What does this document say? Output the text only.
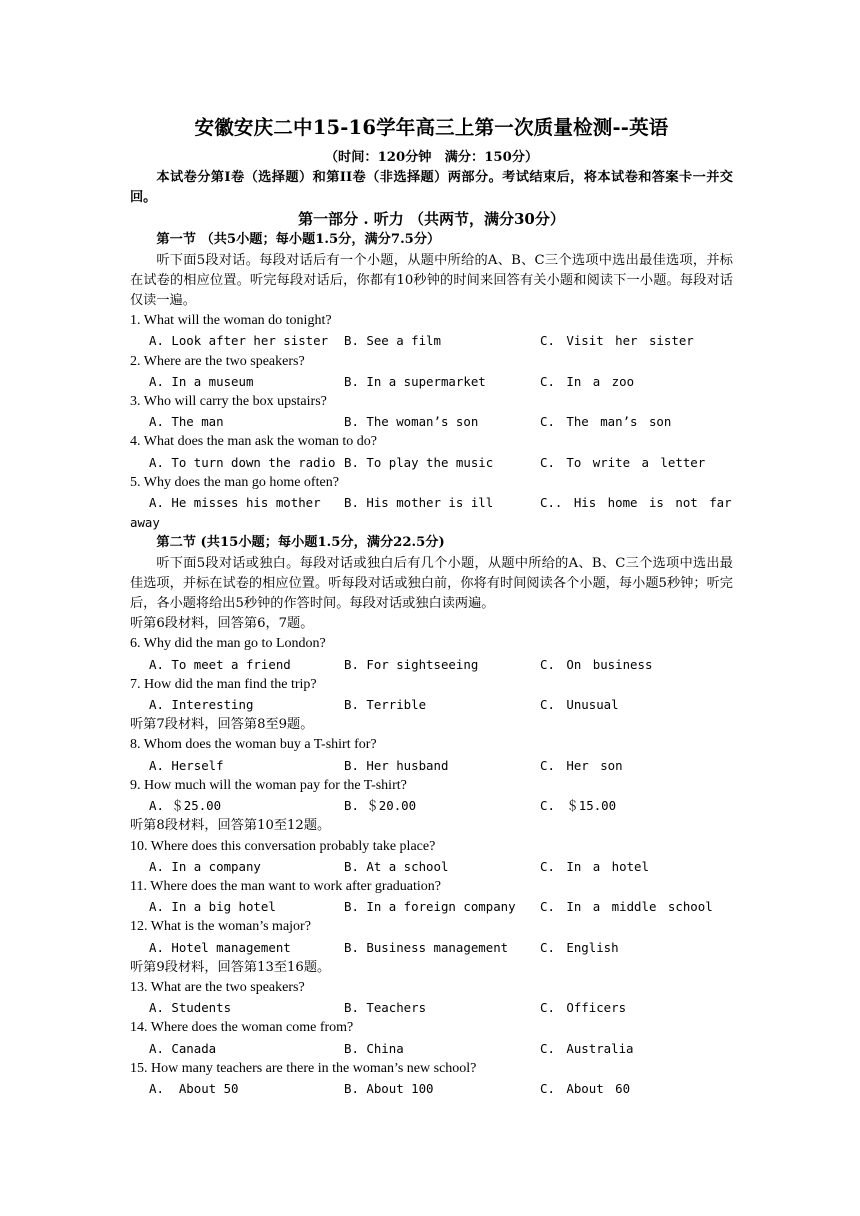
安徽安庆二中15-16学年高三上第一次质量检测--英语

（时间：120分钟　满分：150分）

本试卷分第I卷（选择题）和第II卷（非选择题）两部分。考试结束后，将本试卷和答案卡一并交回。

第一部分 . 听力 （共两节，满分30分）

第一节 （共5小题；每小题1.5分，满分7.5分）

听下面5段对话。每段对话后有一个小题，从题中所给的A、B、C三个选项中选出最佳选项，并标在试卷的相应位置。听完每段对话后，你都有10秒钟的时间来回答有关小题和阅读下一小题。每段对话仅读一遍。

1. What will the woman do tonight?

A. Look after her sister	B. See a film	C. Visit her sister

2. Where are the two speakers?

A. In a museum	B. In a supermarket	C. In a zoo

3. Who will carry the box upstairs?

A. The man	B. The woman’s son	C. The man’s son

4. What does the man ask the woman to do?

A. To turn down the radio B. To play the music	C. To write a letter

5. Why does the man go home often?

A. He misses his mother	B. His mother is ill	C.. His home is not far

away

第二节 (共15小题；每小题1.5分，满分22.5分)

听下面5段对话或独白。每段对话或独白后有几个小题，从题中所给的A、B、C三个选项中选出最佳选项，并标在试卷的相应位置。听每段对话或独白前，你将有时间阅读各个小题，每小题5秒钟；听完后，各小题将给出5秒钟的作答时间。每段对话或独白读两遍。

听第6段材料，回答第6，7题。

6. Why did the man go to London?

A. To meet a friend	B. For sightseeing	C. On business

7. How did the man find the trip?

A. Interesting	B. Terrible	C. Unusual

听第7段材料，回答第8至9题。

8. Whom does the woman buy a T-shirt for?

A. Herself	B. Her husband	C. Her son

9. How much will the woman pay for the T-shirt?

A. ＄25.00	B. ＄20.00	C. ＄15.00

听第8段材料，回答第10至12题。

10. Where does this conversation probably take place?

A. In a company	B. At a school	C. In a hotel

11. Where does the man want to work after graduation?

A. In a big hotel	B. In a foreign company	C. In a middle school

12. What is the woman’s major?

A. Hotel management	B. Business management	C. English

听第9段材料，回答第13至16题。

13. What are the two speakers?

A. Students	B. Teachers	C. Officers

14. Where does the woman come from?

A. Canada	B. China	C. Australia

15. How many teachers are there in the woman’s new school?

A.  About 50	B. About 100	C. About 60
